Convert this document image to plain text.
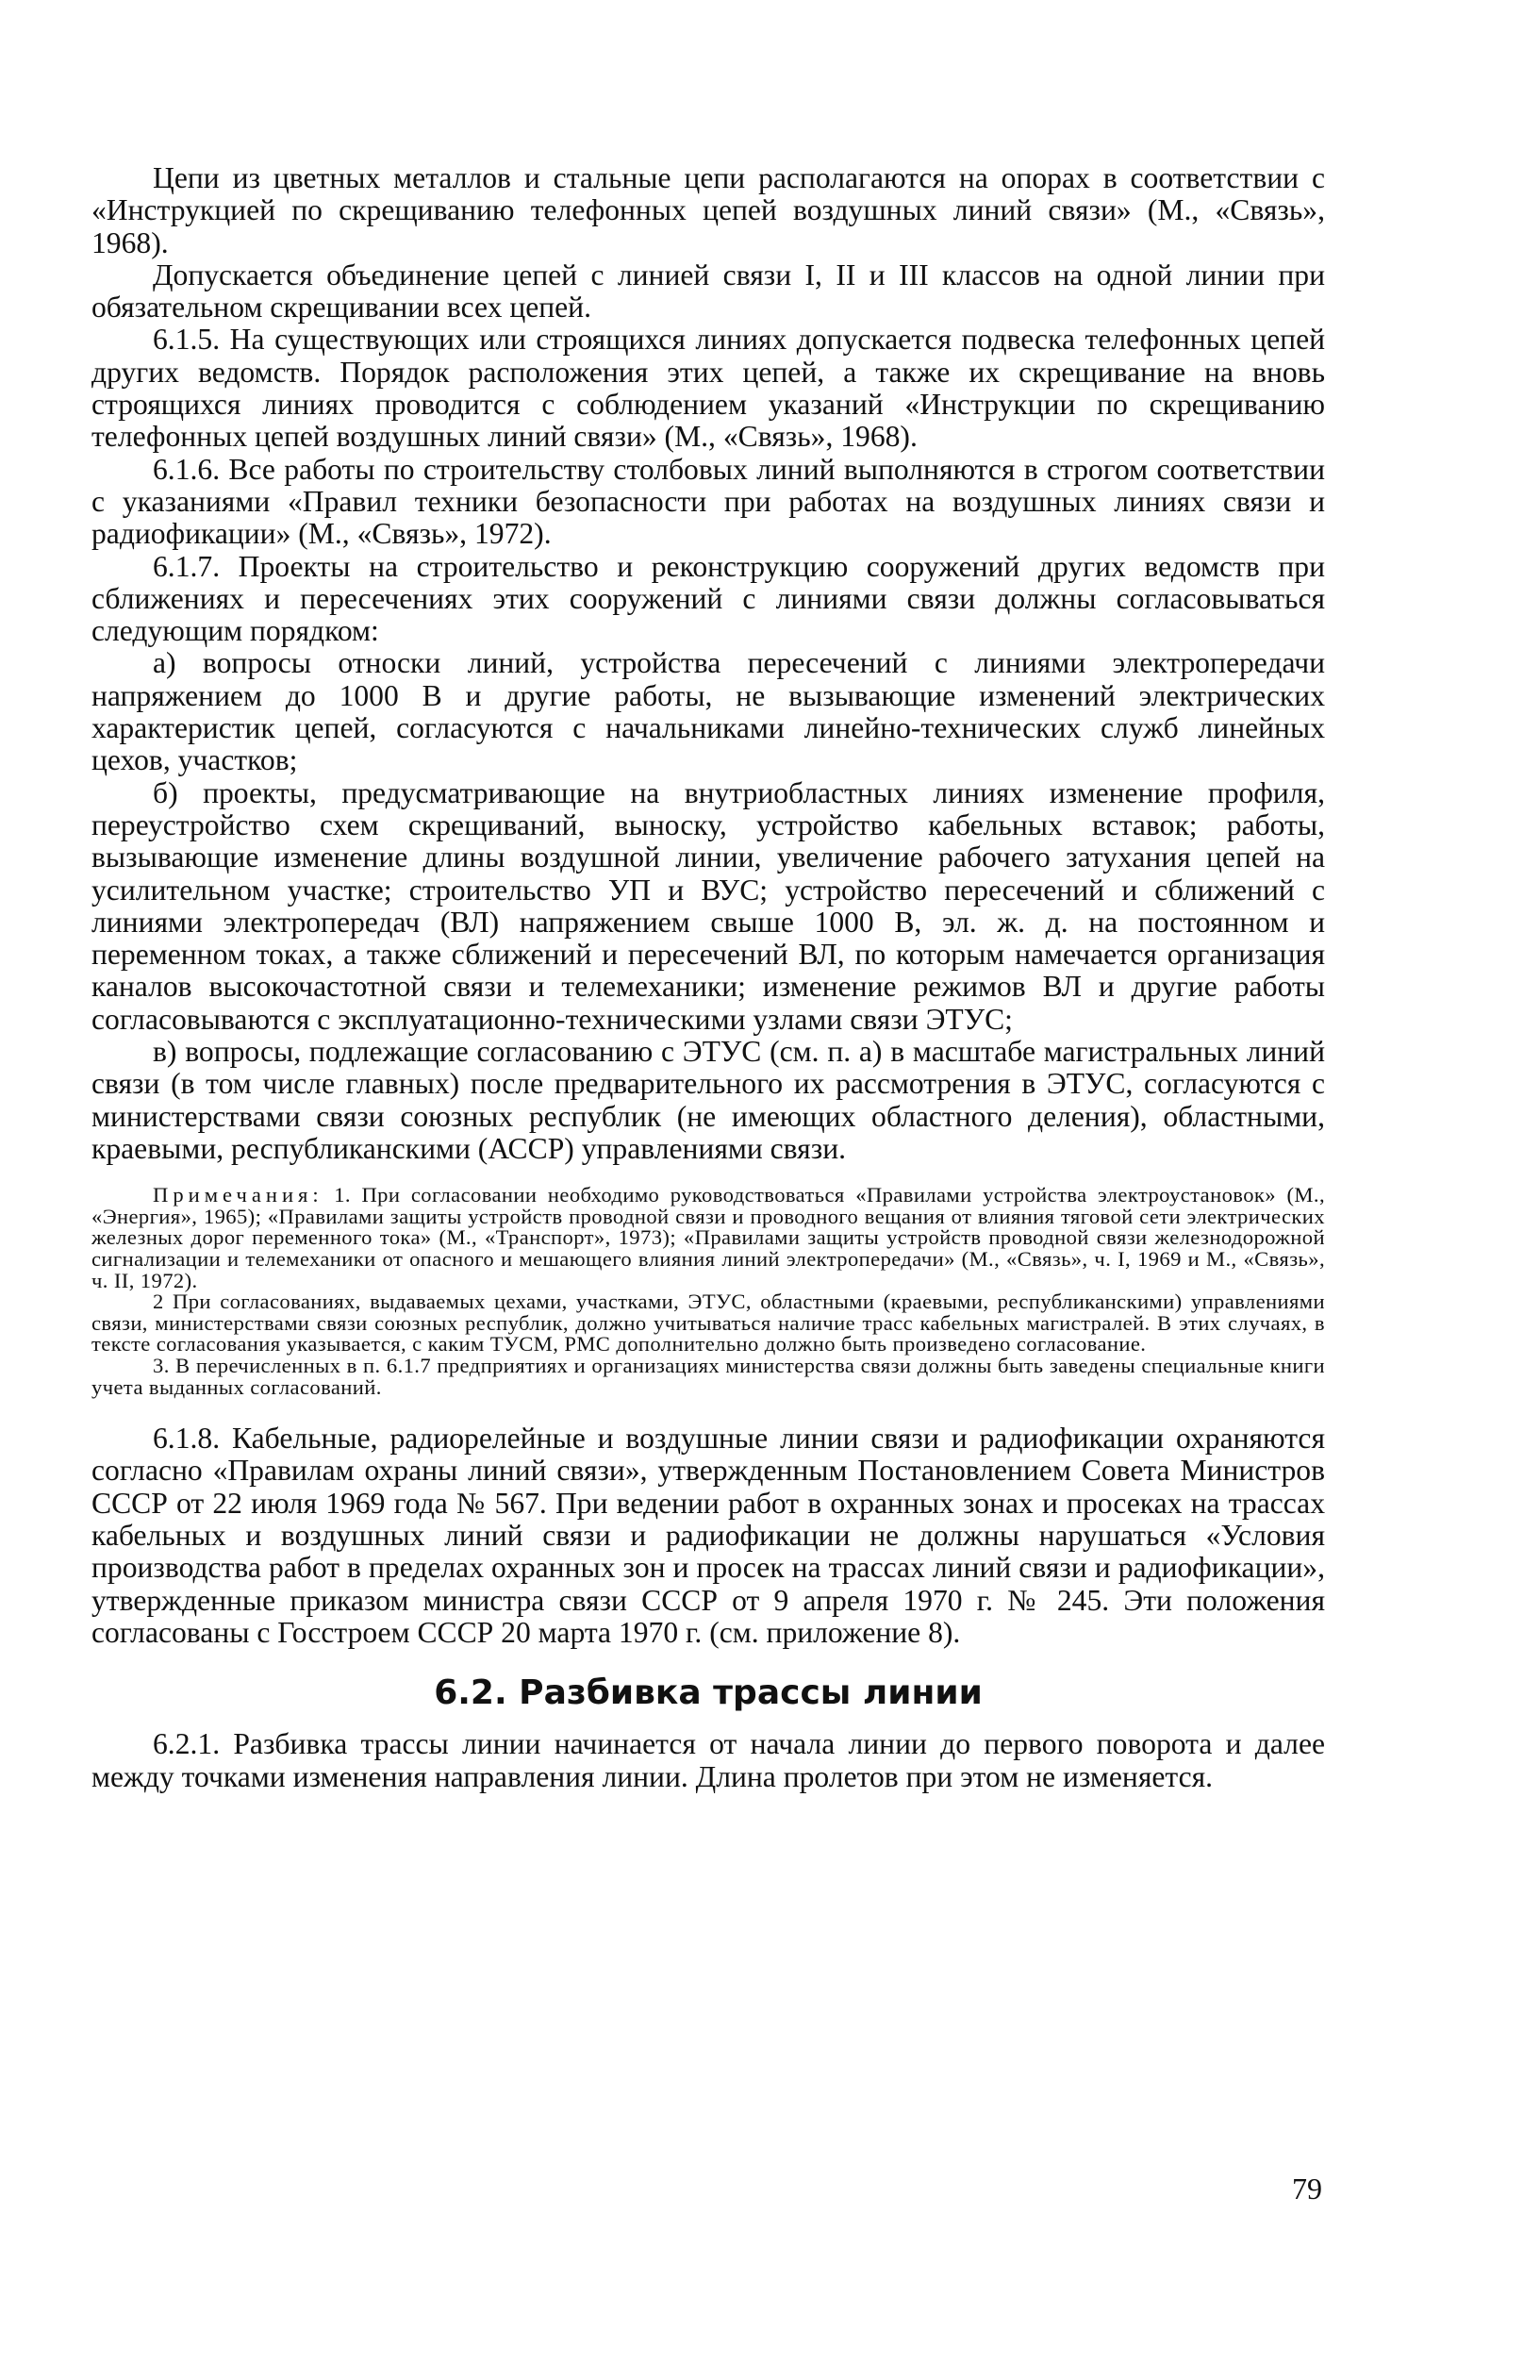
Цепи из цветных металлов и стальные цепи располагаются на опорах в соответствии с «Инструкцией по скрещиванию телефонных цепей воздушных линий связи» (М., «Связь», 1968).

Допускается объединение цепей с линией связи I, II и III классов на одной линии при обязательном скрещивании всех цепей.

6.1.5. На существующих или строящихся линиях допускается подвеска телефонных цепей других ведомств. Порядок расположения этих цепей, а также их скрещивание на вновь строящихся линиях проводится с соблюдением указаний «Инструкции по скрещиванию телефонных цепей воздушных линий связи» (М., «Связь», 1968).

6.1.6. Все работы по строительству столбовых линий выполняются в строгом соответствии с указаниями «Правил техники безопасности при работах на воздушных линиях связи и радиофикации» (М., «Связь», 1972).

6.1.7. Проекты на строительство и реконструкцию сооружений других ведомств при сближениях и пересечениях этих сооружений с линиями связи должны согласовываться следующим порядком:

а) вопросы относки линий, устройства пересечений с линиями электропередачи напряжением до 1000 В и другие работы, не вызывающие изменений электрических характеристик цепей, согласуются с начальниками линейно-технических служб линейных цехов, участков;

б) проекты, предусматривающие на внутриобластных линиях изменение профиля, переустройство схем скрещиваний, выноску, устройство кабельных вставок; работы, вызывающие изменение длины воздушной линии, увеличение рабочего затухания цепей на усилительном участке; строительство УП и ВУС; устройство пересечений и сближений с линиями электропередач (ВЛ) напряжением свыше 1000 В, эл. ж. д. на постоянном и переменном токах, а также сближений и пересечений ВЛ, по которым намечается организация каналов высокочастотной связи и телемеханики; изменение режимов ВЛ и другие работы согласовываются с эксплуатационно-техническими узлами связи ЭТУС;

в) вопросы, подлежащие согласованию с ЭТУС (см. п. а) в масштабе магистральных линий связи (в том числе главных) после предварительного их рассмотрения в ЭТУС, согласуются с министерствами связи союзных республик (не имеющих областного деления), областными, краевыми, республиканскими (АССР) управлениями связи.

Примечания: 1. При согласовании необходимо руководствоваться «Правилами устройства электроустановок» (М., «Энергия», 1965); «Правилами защиты устройств проводной связи и проводного вещания от влияния тяговой сети электрических железных дорог переменного тока» (М., «Транспорт», 1973); «Правилами защиты устройств проводной связи железнодорожной сигнализации и телемеханики от опасного и мешающего влияния линий электропередачи» (М., «Связь», ч. I, 1969 и М., «Связь», ч. II, 1972).

2 При согласованиях, выдаваемых цехами, участками, ЭТУС, областными (краевыми, республиканскими) управлениями связи, министерствами связи союзных республик, должно учитываться наличие трасс кабельных магистралей. В этих случаях, в тексте согласования указывается, с каким ТУСМ, РМС дополнительно должно быть произведено согласование.

3. В перечисленных в п. 6.1.7 предприятиях и организациях министерства связи должны быть заведены специальные книги учета выданных согласований.

6.1.8. Кабельные, радиорелейные и воздушные линии связи и радиофикации охраняются согласно «Правилам охраны линий связи», утвержденным Постановлением Совета Министров СССР от 22 июля 1969 года № 567. При ведении работ в охранных зонах и просеках на трассах кабельных и воздушных линий связи и радиофикации не должны нарушаться «Условия производства работ в пределах охранных зон и просек на трассах линий связи и радиофикации», утвержденные приказом министра связи СССР от 9 апреля 1970 г. № 245. Эти положения согласованы с Госстроем СССР 20 марта 1970 г. (см. приложение 8).

6.2. Разбивка трассы линии

6.2.1. Разбивка трассы линии начинается от начала линии до первого поворота и далее между точками изменения направления линии. Длина пролетов при этом не изменяется.

79
